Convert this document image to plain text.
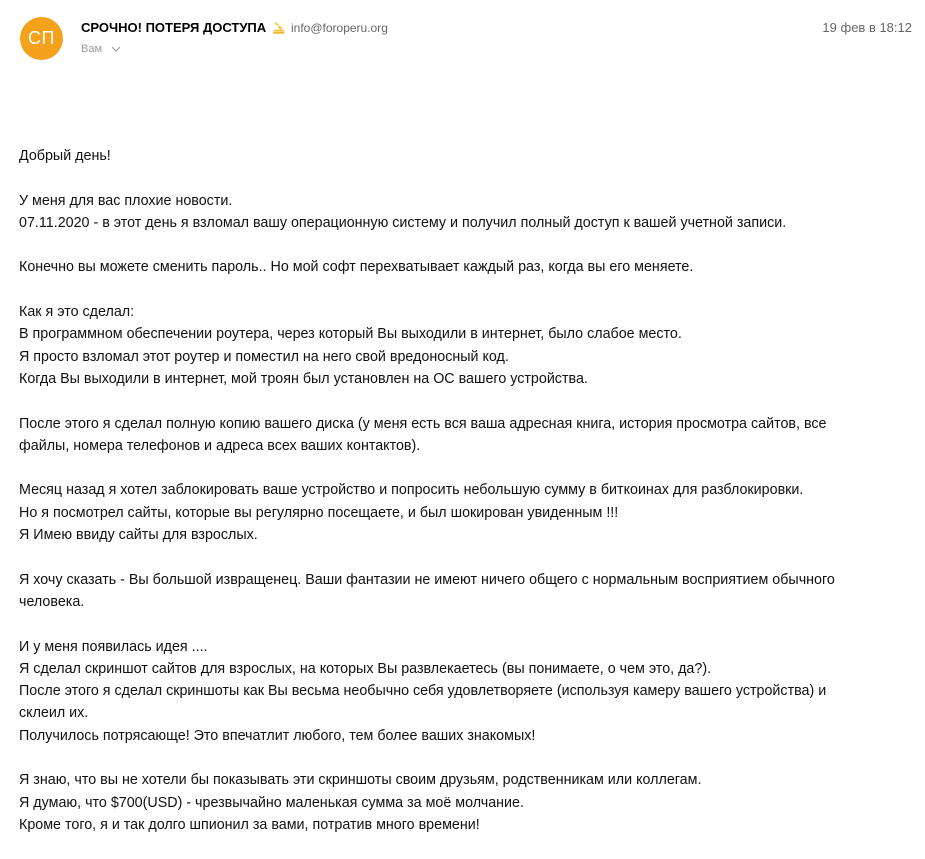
СП
СРОЧНО! ПОТЕРЯ ДОСТУПА info@foroperu.org	19 фев в 18:12
Вам
Добрый день!
У меня для вас плохие новости.
07.11.2020 - в этот день я взломал вашу операционную систему и получил полный доступ к вашей учетной записи.
Конечно вы можете сменить пароль.. Но мой софт перехватывает каждый раз, когда вы его меняете.
Как я это сделал:
В программном обеспечении роутера, через который Вы выходили в интернет, было слабое место.
Я просто взломал этот роутер и поместил на него свой вредоносный код.
Когда Вы выходили в интернет, мой троян был установлен на ОС вашего устройства.
После этого я сделал полную копию вашего диска (у меня есть вся ваша адресная книга, история просмотра сайтов, все
файлы, номера телефонов и адреса всех ваших контактов).
Месяц назад я хотел заблокировать ваше устройство и попросить небольшую сумму в биткоинах для разблокировки.
Но я посмотрел сайты, которые вы регулярно посещаете, и был шокирован увиденным !!!
Я Имею ввиду сайты для взрослых.
Я хочу сказать - Вы большой извращенец. Ваши фантазии не имеют ничего общего с нормальным восприятием обычного
человека.
И у меня появилась идея ....
Я сделал скриншот сайтов для взрослых, на которых Вы развлекаетесь (вы понимаете, о чем это, да?).
После этого я сделал скриншоты как Вы весьма необычно себя удовлетворяете (используя камеру вашего устройства) и
склеил их.
Получилось потрясающе! Это впечатлит любого, тем более ваших знакомых!
Я знаю, что вы не хотели бы показывать эти скриншоты своим друзьям, родственникам или коллегам.
Я думаю, что $700(USD) - чрезвычайно маленькая сумма за моё молчание.
Кроме того, я и так долго шпионил за вами, потратив много времени!
